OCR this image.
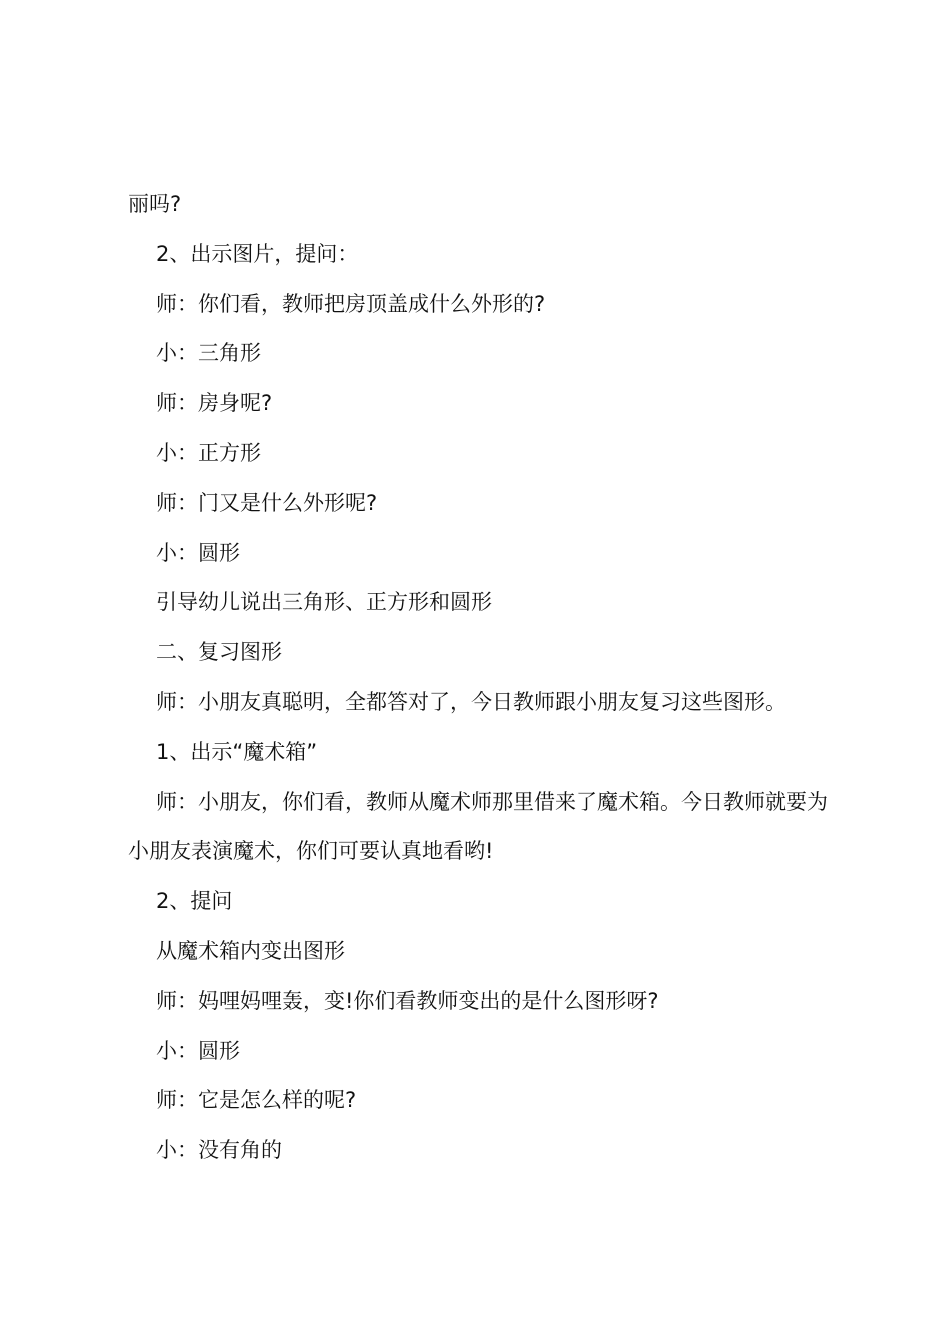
丽吗?

2、出示图片，提问：

师：你们看，教师把房顶盖成什么外形的?

小：三角形

师：房身呢?

小：正方形

师：门又是什么外形呢?

小：圆形

引导幼儿说出三角形、正方形和圆形

二、复习图形

师：小朋友真聪明，全都答对了，今日教师跟小朋友复习这些图形。

1、出示“魔术箱”

师：小朋友，你们看，教师从魔术师那里借来了魔术箱。今日教师就要为小朋友表演魔术，你们可要认真地看哟!

2、提问

从魔术箱内变出图形

师：妈哩妈哩轰，变!你们看教师变出的是什么图形呀?

小：圆形

师：它是怎么样的呢?

小：没有角的
